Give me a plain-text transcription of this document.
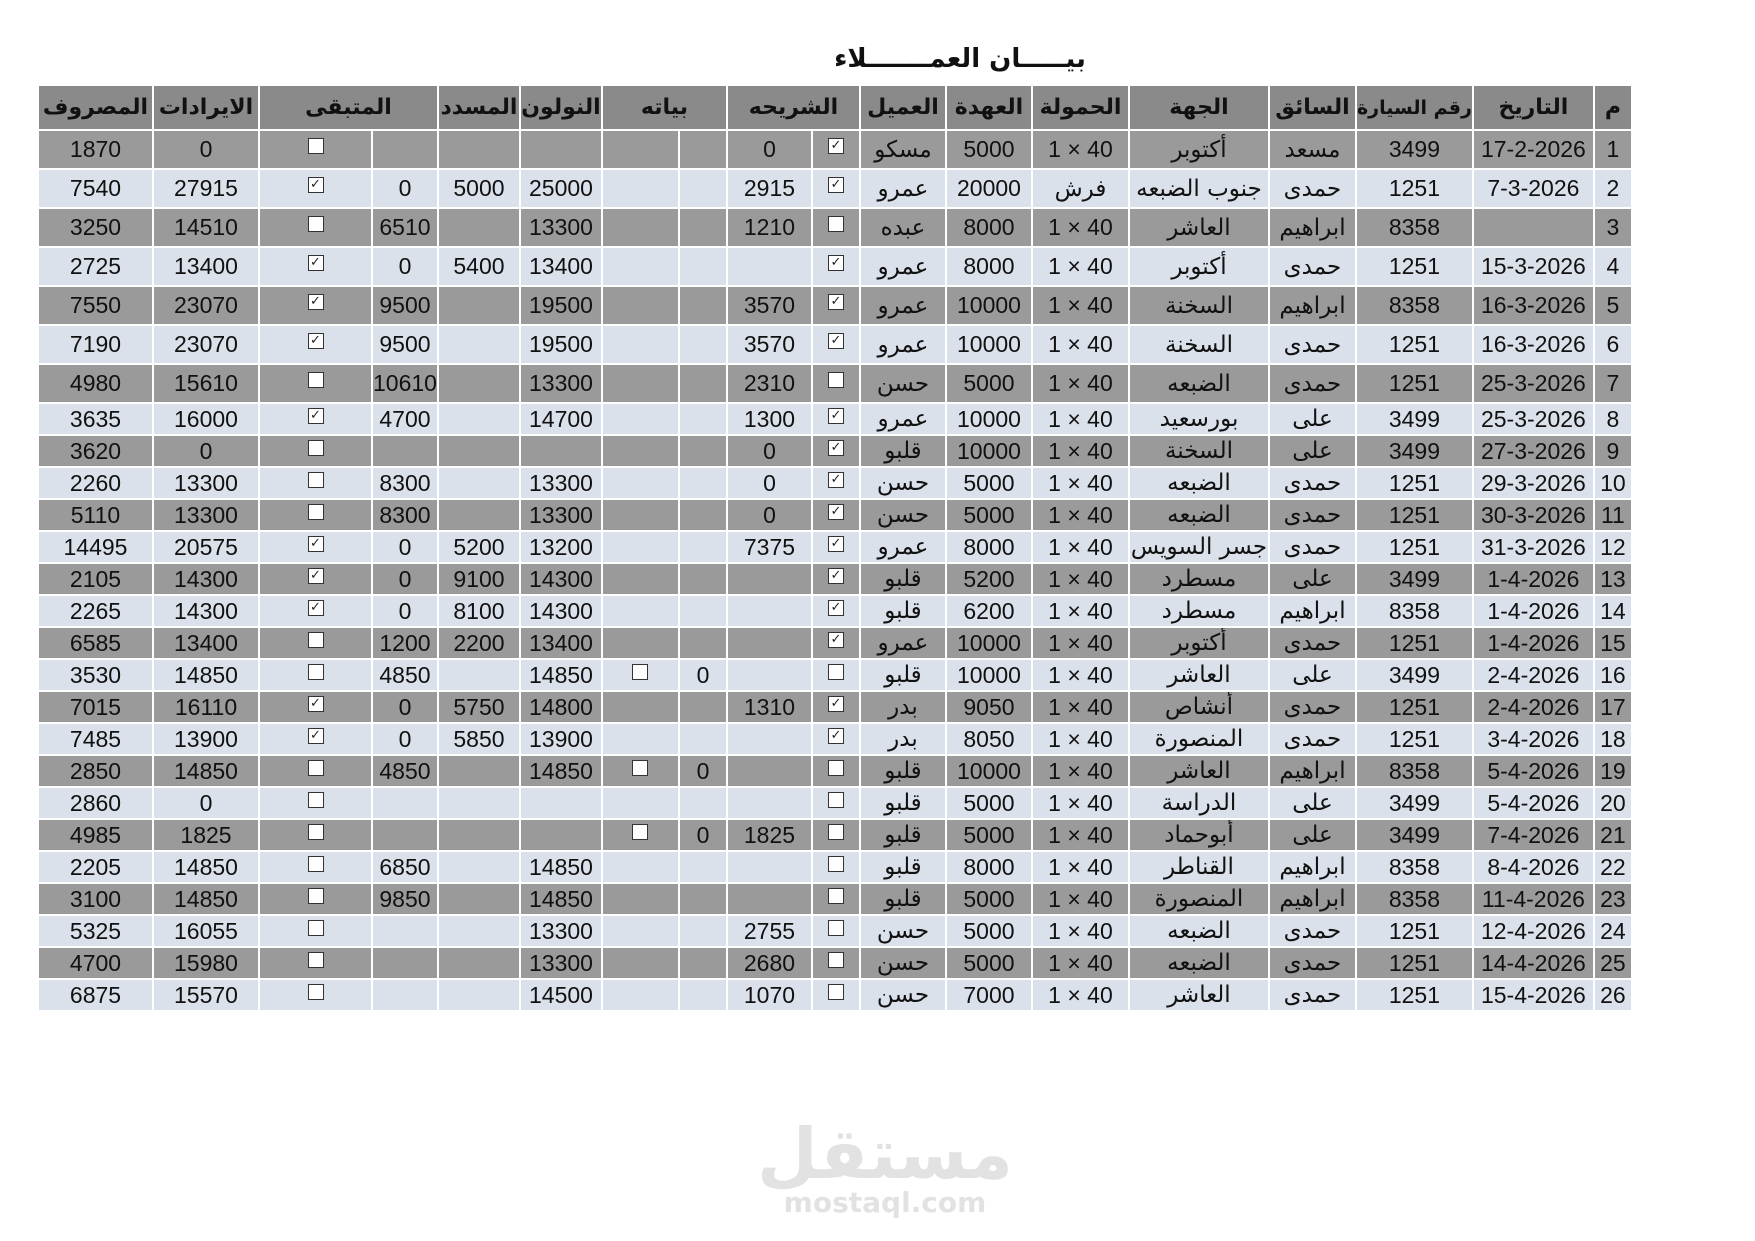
بيـــــان العمـــــــلاء
م	التاريخ	رقم السيارة	السائق	الجهة	الحمولة	العهدة	العميل	الشريحه		بياته		النولون	المسدد	المتبقى		الايرادات	المصروف
1	17-2-2026	3499	مسعد	أكتوبر	40 × 1	5000	مسكو	✓	0							0	1870
2	7-3-2026	1251	حمدى	جنوب الضبعه	فرش	20000	عمرو	✓	2915			25000	5000	0	✓	27915	7540
3		8358	ابراهيم	العاشر	40 × 1	8000	عبده		1210			13300		6510		14510	3250
4	15-3-2026	1251	حمدى	أكتوبر	40 × 1	8000	عمرو	✓				13400	5400	0	✓	13400	2725
5	16-3-2026	8358	ابراهيم	السخنة	40 × 1	10000	عمرو	✓	3570			19500		9500	✓	23070	7550
6	16-3-2026	1251	حمدى	السخنة	40 × 1	10000	عمرو	✓	3570			19500		9500	✓	23070	7190
7	25-3-2026	1251	حمدى	الضبعه	40 × 1	5000	حسن		2310			13300		10610		15610	4980
8	25-3-2026	3499	على	بورسعيد	40 × 1	10000	عمرو	✓	1300			14700		4700	✓	16000	3635
9	27-3-2026	3499	على	السخنة	40 × 1	10000	قلبو	✓	0							0	3620
10	29-3-2026	1251	حمدى	الضبعه	40 × 1	5000	حسن	✓	0			13300		8300		13300	2260
11	30-3-2026	1251	حمدى	الضبعه	40 × 1	5000	حسن	✓	0			13300		8300		13300	5110
12	31-3-2026	1251	حمدى	جسر السويس	40 × 1	8000	عمرو	✓	7375			13200	5200	0	✓	20575	14495
13	1-4-2026	3499	على	مسطرد	40 × 1	5200	قلبو	✓				14300	9100	0	✓	14300	2105
14	1-4-2026	8358	ابراهيم	مسطرد	40 × 1	6200	قلبو	✓				14300	8100	0	✓	14300	2265
15	1-4-2026	1251	حمدى	أكتوبر	40 × 1	10000	عمرو	✓				13400	2200	1200		13400	6585
16	2-4-2026	3499	على	العاشر	40 × 1	10000	قلبو			0		14850		4850		14850	3530
17	2-4-2026	1251	حمدى	أنشاص	40 × 1	9050	بدر	✓	1310			14800	5750	0	✓	16110	7015
18	3-4-2026	1251	حمدى	المنصورة	40 × 1	8050	بدر	✓				13900	5850	0	✓	13900	7485
19	5-4-2026	8358	ابراهيم	العاشر	40 × 1	10000	قلبو			0		14850		4850		14850	2850
20	5-4-2026	3499	على	الدراسة	40 × 1	5000	قلبو									0	2860
21	7-4-2026	3499	على	أبوحماد	40 × 1	5000	قلبو		1825	0						1825	4985
22	8-4-2026	8358	ابراهيم	القناطر	40 × 1	8000	قلبو					14850		6850		14850	2205
23	11-4-2026	8358	ابراهيم	المنصورة	40 × 1	5000	قلبو					14850		9850		14850	3100
24	12-4-2026	1251	حمدى	الضبعه	40 × 1	5000	حسن		2755			13300				16055	5325
25	14-4-2026	1251	حمدى	الضبعه	40 × 1	5000	حسن		2680			13300				15980	4700
26	15-4-2026	1251	حمدى	العاشر	40 × 1	7000	حسن		1070			14500				15570	6875
مستقل
mostaql.com
